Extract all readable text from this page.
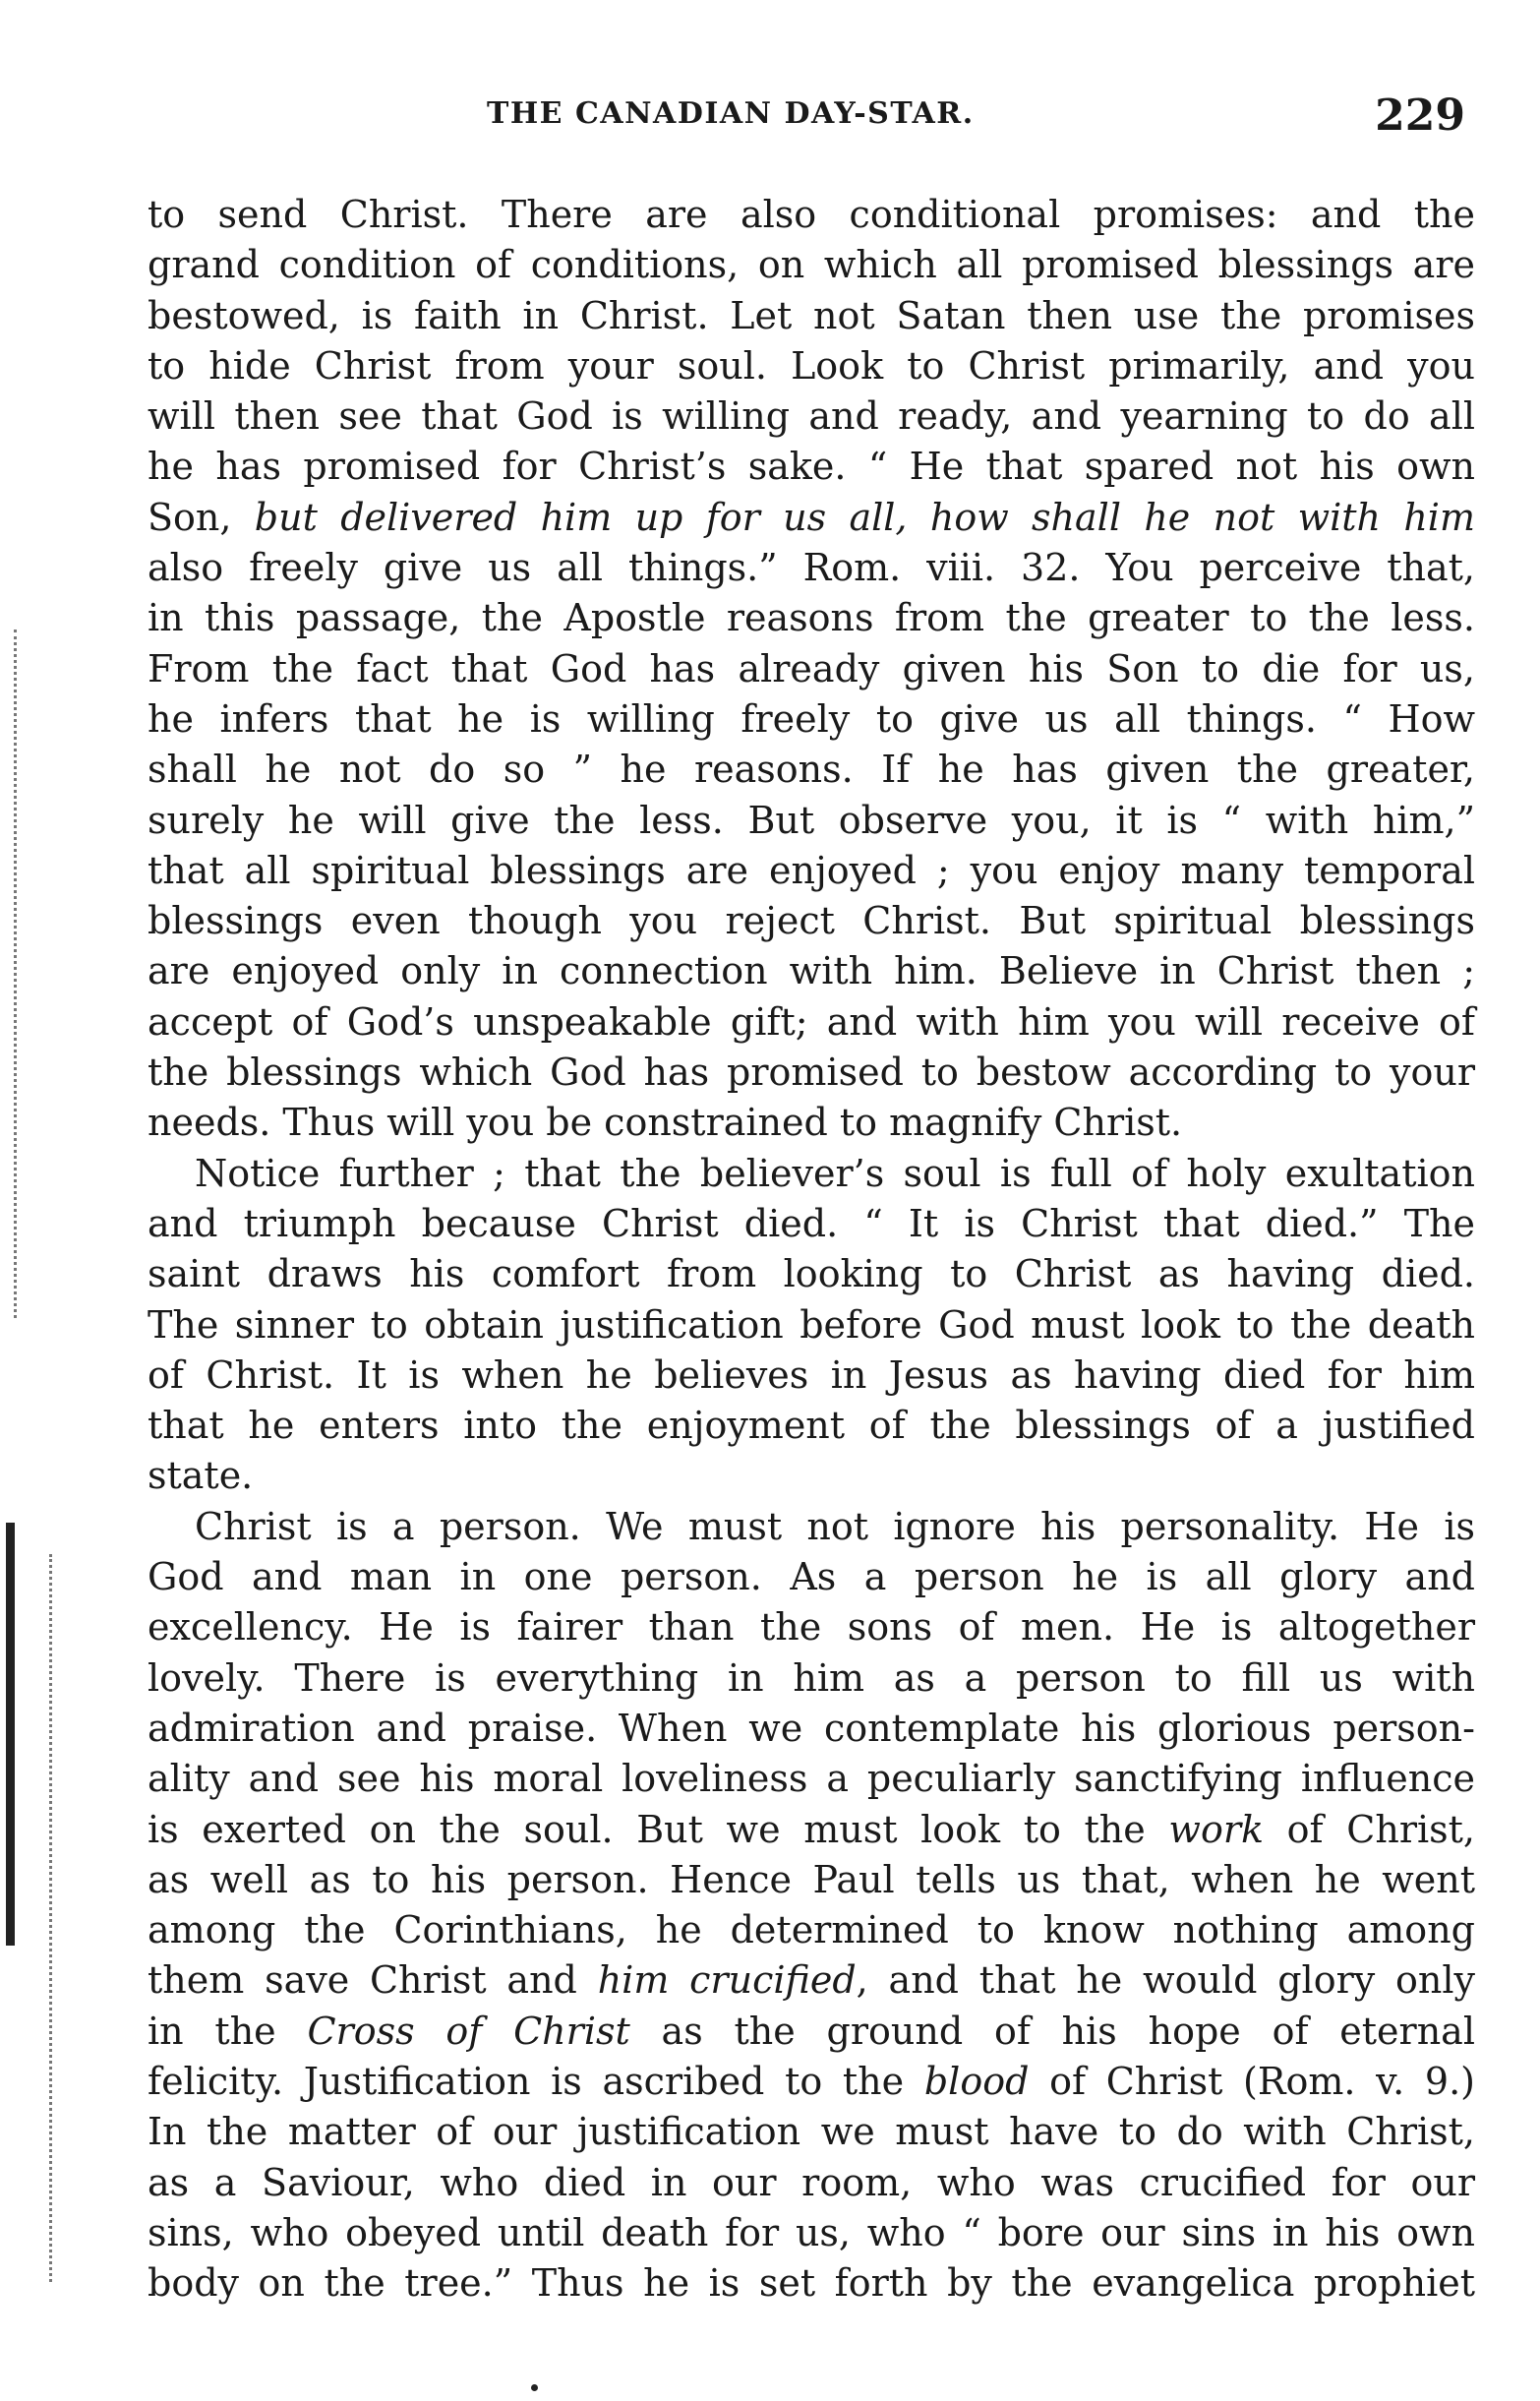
THE CANADIAN DAY-STAR.	229
to send Christ. There are also conditional promises: and the
grand condition of conditions, on which all promised blessings are
bestowed, is faith in Christ. Let not Satan then use the promises
to hide Christ from your soul. Look to Christ primarily, and you
will then see that God is willing and ready, and yearning to do all
he has promised for Christ’s sake. “ He that spared not his own
Son, but delivered him up for us all, how shall he not with him
also freely give us all things.” Rom. viii. 32. You perceive that,
in this passage, the Apostle reasons from the greater to the less.
From the fact that God has already given his Son to die for us,
he infers that he is willing freely to give us all things. “ How
shall he not do so ” he reasons. If he has given the greater,
surely he will give the less. But observe you, it is “ with him,”
that all spiritual blessings are enjoyed ; you enjoy many temporal
blessings even though you reject Christ. But spiritual blessings
are enjoyed only in connection with him. Believe in Christ then ;
accept of God’s unspeakable gift; and with him you will receive of
the blessings which God has promised to bestow according to your
needs. Thus will you be constrained to magnify Christ.
Notice further ; that the believer’s soul is full of holy exultation
and triumph because Christ died. “ It is Christ that died.” The
saint draws his comfort from looking to Christ as having died.
The sinner to obtain justification before God must look to the death
of Christ. It is when he believes in Jesus as having died for him
that he enters into the enjoyment of the blessings of a justified
state.
Christ is a person. We must not ignore his personality. He is
God and man in one person. As a person he is all glory and
excellency. He is fairer than the sons of men. He is altogether
lovely. There is everything in him as a person to fill us with
admiration and praise. When we contemplate his glorious person-
ality and see his moral loveliness a peculiarly sanctifying influence
is exerted on the soul. But we must look to the work of Christ,
as well as to his person. Hence Paul tells us that, when he went
among the Corinthians, he determined to know nothing among
them save Christ and him crucified, and that he would glory only
in the Cross of Christ as the ground of his hope of eternal
felicity. Justification is ascribed to the blood of Christ (Rom. v. 9.)
In the matter of our justification we must have to do with Christ,
as a Saviour, who died in our room, who was crucified for our
sins, who obeyed until death for us, who “ bore our sins in his own
body on the tree.” Thus he is set forth by the evangelica prophiet
